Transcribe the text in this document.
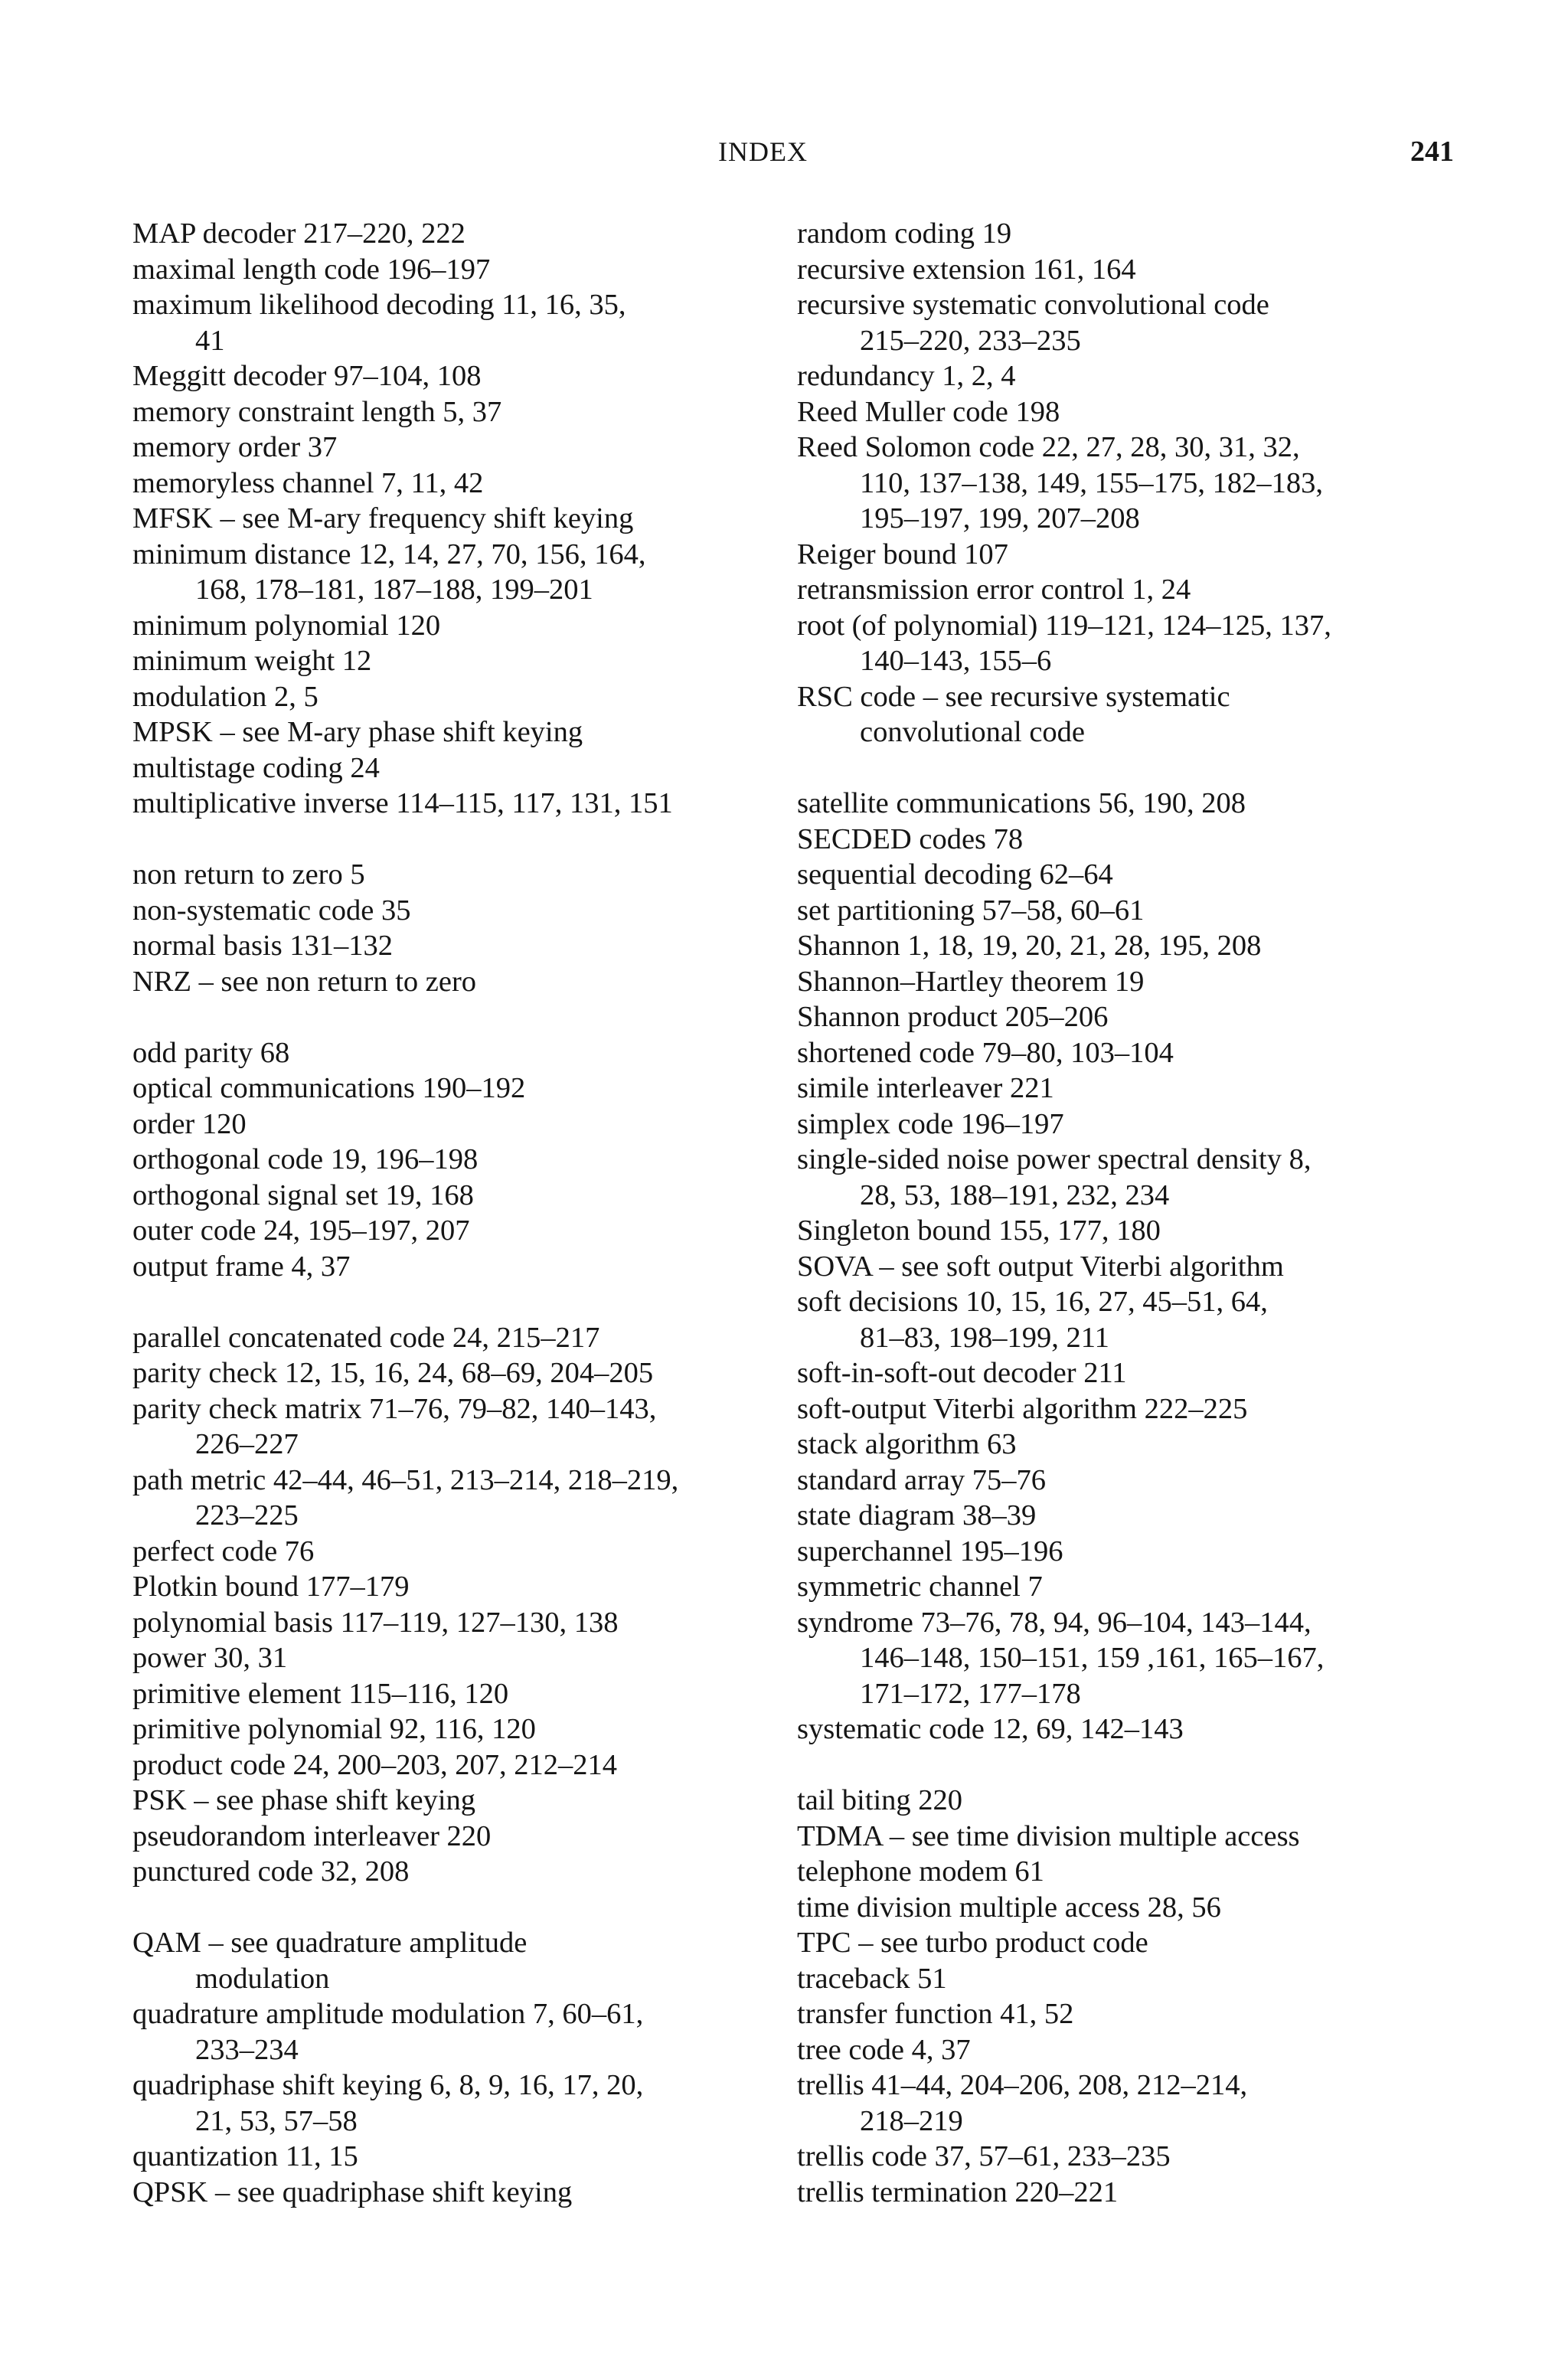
INDEX	241
MAP decoder 217–220, 222
maximal length code 196–197
maximum likelihood decoding 11, 16, 35,
41
Meggitt decoder 97–104, 108
memory constraint length 5, 37
memory order 37
memoryless channel 7, 11, 42
MFSK – see M-ary frequency shift keying
minimum distance 12, 14, 27, 70, 156, 164,
168, 178–181, 187–188, 199–201
minimum polynomial 120
minimum weight 12
modulation 2, 5
MPSK – see M-ary phase shift keying
multistage coding 24
multiplicative inverse 114–115, 117, 131, 151
non return to zero 5
non-systematic code 35
normal basis 131–132
NRZ – see non return to zero
odd parity 68
optical communications 190–192
order 120
orthogonal code 19, 196–198
orthogonal signal set 19, 168
outer code 24, 195–197, 207
output frame 4, 37
parallel concatenated code 24, 215–217
parity check 12, 15, 16, 24, 68–69, 204–205
parity check matrix 71–76, 79–82, 140–143,
226–227
path metric 42–44, 46–51, 213–214, 218–219,
223–225
perfect code 76
Plotkin bound 177–179
polynomial basis 117–119, 127–130, 138
power 30, 31
primitive element 115–116, 120
primitive polynomial 92, 116, 120
product code 24, 200–203, 207, 212–214
PSK – see phase shift keying
pseudorandom interleaver 220
punctured code 32, 208
QAM – see quadrature amplitude
modulation
quadrature amplitude modulation 7, 60–61,
233–234
quadriphase shift keying 6, 8, 9, 16, 17, 20,
21, 53, 57–58
quantization 11, 15
QPSK – see quadriphase shift keying
random coding 19
recursive extension 161, 164
recursive systematic convolutional code
215–220, 233–235
redundancy 1, 2, 4
Reed Muller code 198
Reed Solomon code 22, 27, 28, 30, 31, 32,
110, 137–138, 149, 155–175, 182–183,
195–197, 199, 207–208
Reiger bound 107
retransmission error control 1, 24
root (of polynomial) 119–121, 124–125, 137,
140–143, 155–6
RSC code – see recursive systematic
convolutional code
satellite communications 56, 190, 208
SECDED codes 78
sequential decoding 62–64
set partitioning 57–58, 60–61
Shannon 1, 18, 19, 20, 21, 28, 195, 208
Shannon–Hartley theorem 19
Shannon product 205–206
shortened code 79–80, 103–104
simile interleaver 221
simplex code 196–197
single-sided noise power spectral density 8,
28, 53, 188–191, 232, 234
Singleton bound 155, 177, 180
SOVA – see soft output Viterbi algorithm
soft decisions 10, 15, 16, 27, 45–51, 64,
81–83, 198–199, 211
soft-in-soft-out decoder 211
soft-output Viterbi algorithm 222–225
stack algorithm 63
standard array 75–76
state diagram 38–39
superchannel 195–196
symmetric channel 7
syndrome 73–76, 78, 94, 96–104, 143–144,
146–148, 150–151, 159 ,161, 165–167,
171–172, 177–178
systematic code 12, 69, 142–143
tail biting 220
TDMA – see time division multiple access
telephone modem 61
time division multiple access 28, 56
TPC – see turbo product code
traceback 51
transfer function 41, 52
tree code 4, 37
trellis 41–44, 204–206, 208, 212–214,
218–219
trellis code 37, 57–61, 233–235
trellis termination 220–221
